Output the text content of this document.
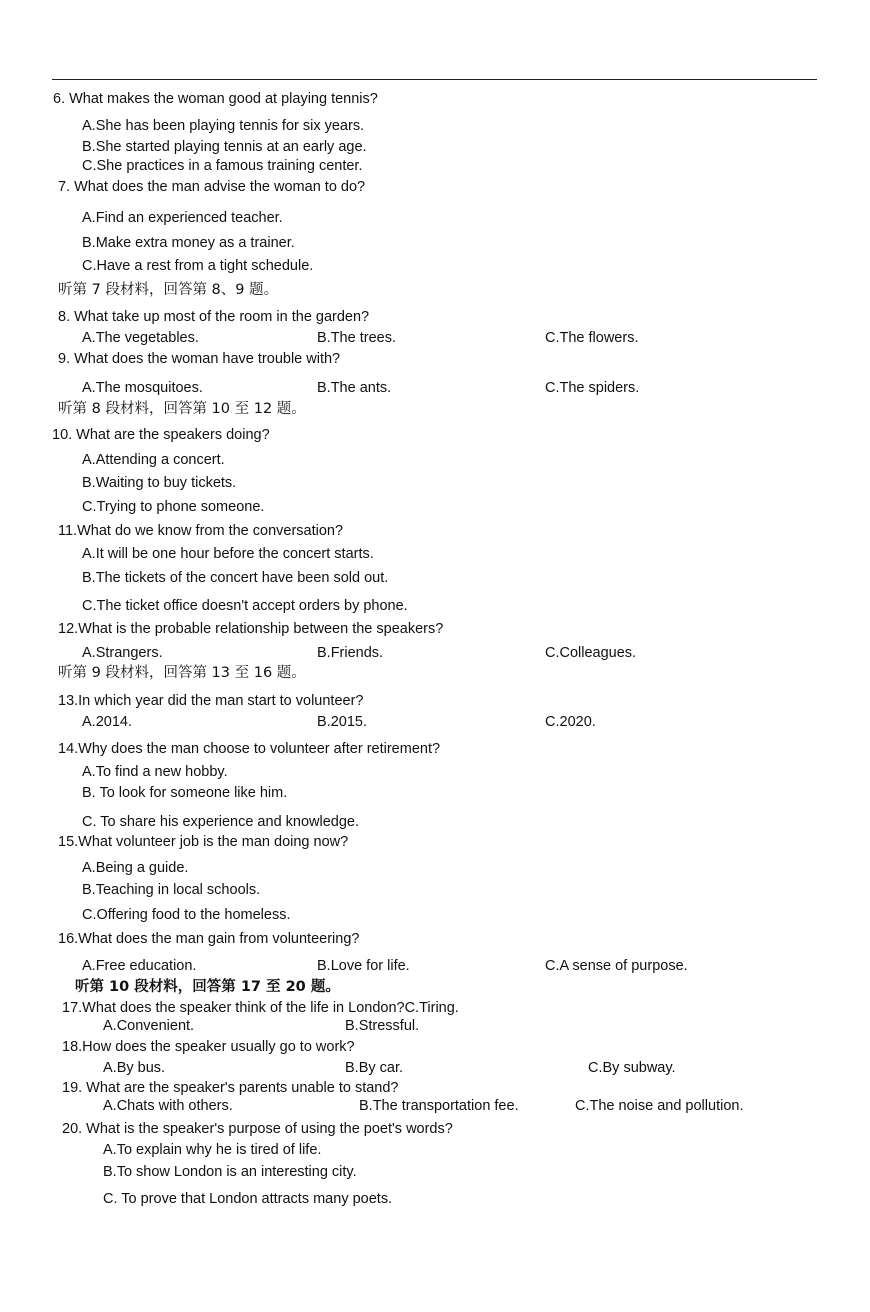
6. What makes the woman good at playing tennis?
A.She has been playing tennis for six years.
B.She started playing tennis at an early age.
C.She practices in a famous training center.
7. What does the man advise the woman to do?
A.Find an experienced teacher.
B.Make extra money as a trainer.
C.Have a rest from a tight schedule.
听第 7 段材料，回答第 8、9 题。
8. What take up most of the room in the garden?
A.The vegetables.	B.The trees.	C.The flowers.
9. What does the woman have trouble with?
A.The mosquitoes.	B.The ants.	C.The spiders.
听第 8 段材料，回答第 10 至 12 题。
10. What are the speakers doing?
A.Attending a concert.
B.Waiting to buy tickets.
C.Trying to phone someone.
11.What do we know from the conversation?
A.It will be one hour before the concert starts.
B.The tickets of the concert have been sold out.
C.The ticket office doesn't accept orders by phone.
12.What is the probable relationship between the speakers?
A.Strangers.	B.Friends.	C.Colleagues.
听第 9 段材料，回答第 13 至 16 题。
13.In which year did the man start to volunteer?
A.2014.	B.2015.	C.2020.
14.Why does the man choose to volunteer after retirement?
A.To find a new hobby.
B. To look for someone like him.
C. To share his experience and knowledge.
15.What volunteer job is the man doing now?
A.Being a guide.
B.Teaching in local schools.
C.Offering food to the homeless.
16.What does the man gain from volunteering?
A.Free education.	B.Love for life.	C.A sense of purpose.
听第 10 段材料，回答第 17 至 20 题。
17.What does the speaker think of the life in London?C.Tiring.
A.Convenient.	B.Stressful.
18.How does the speaker usually go to work?
A.By bus.	B.By car.	C.By subway.
19. What are the speaker's parents unable to stand?
A.Chats with others.	B.The transportation fee.	C.The noise and pollution.
20. What is the speaker's purpose of using the poet's words?
A.To explain why he is tired of life.
B.To show London is an interesting city.
C. To prove that London attracts many poets.
